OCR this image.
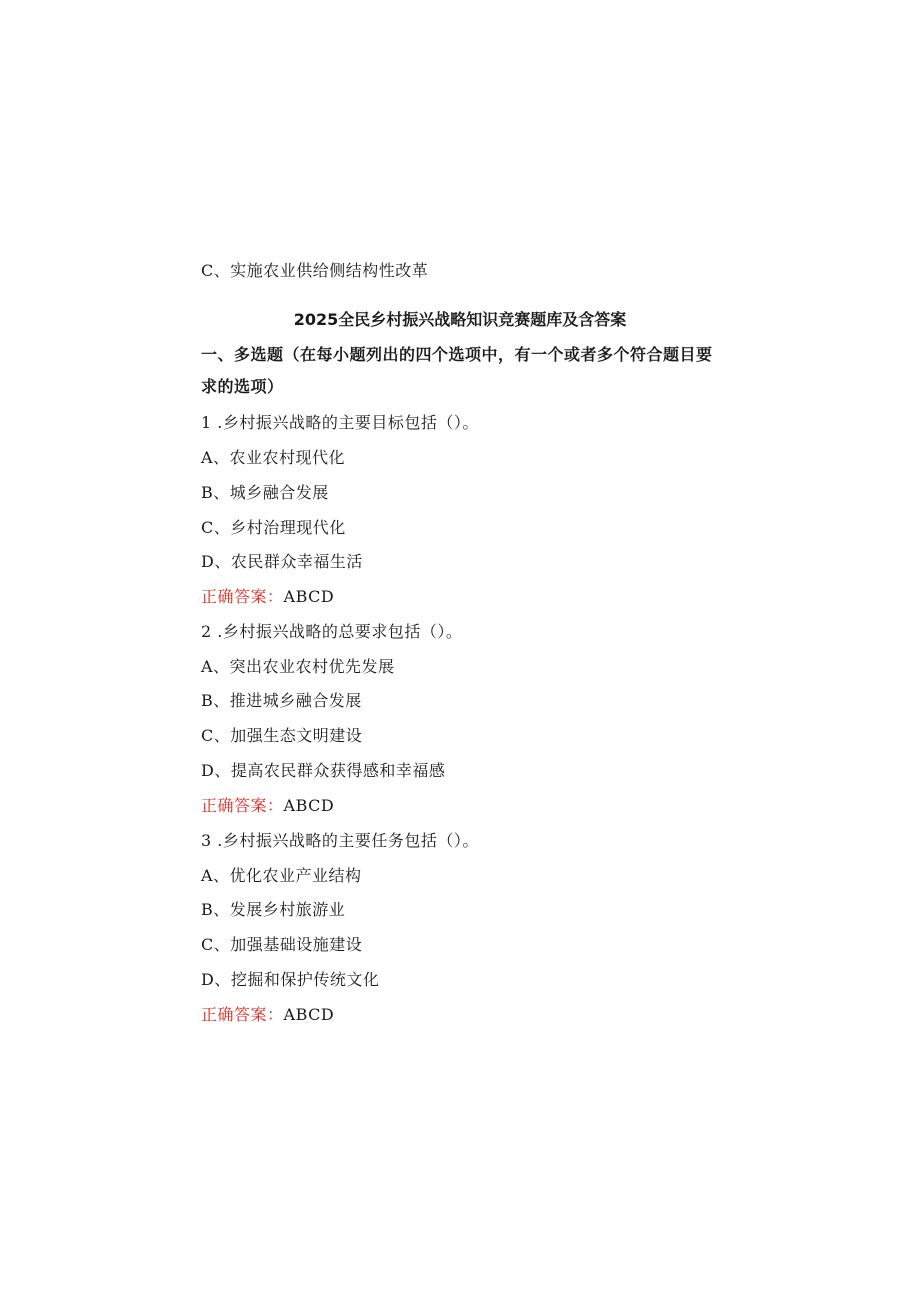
C、实施农业供给侧结构性改革
2025全民乡村振兴战略知识竞赛题库及含答案
一、多选题（在每小题列出的四个选项中，有一个或者多个符合题目要
求的选项）
1 .乡村振兴战略的主要目标包括（）。
A、农业农村现代化
B、城乡融合发展
C、乡村治理现代化
D、农民群众幸福生活
正确答案：ABCD
2 .乡村振兴战略的总要求包括（）。
A、突出农业农村优先发展
B、推进城乡融合发展
C、加强生态文明建设
D、提高农民群众获得感和幸福感
正确答案：ABCD
3 .乡村振兴战略的主要任务包括（）。
A、优化农业产业结构
B、发展乡村旅游业
C、加强基础设施建设
D、挖掘和保护传统文化
正确答案：ABCD
